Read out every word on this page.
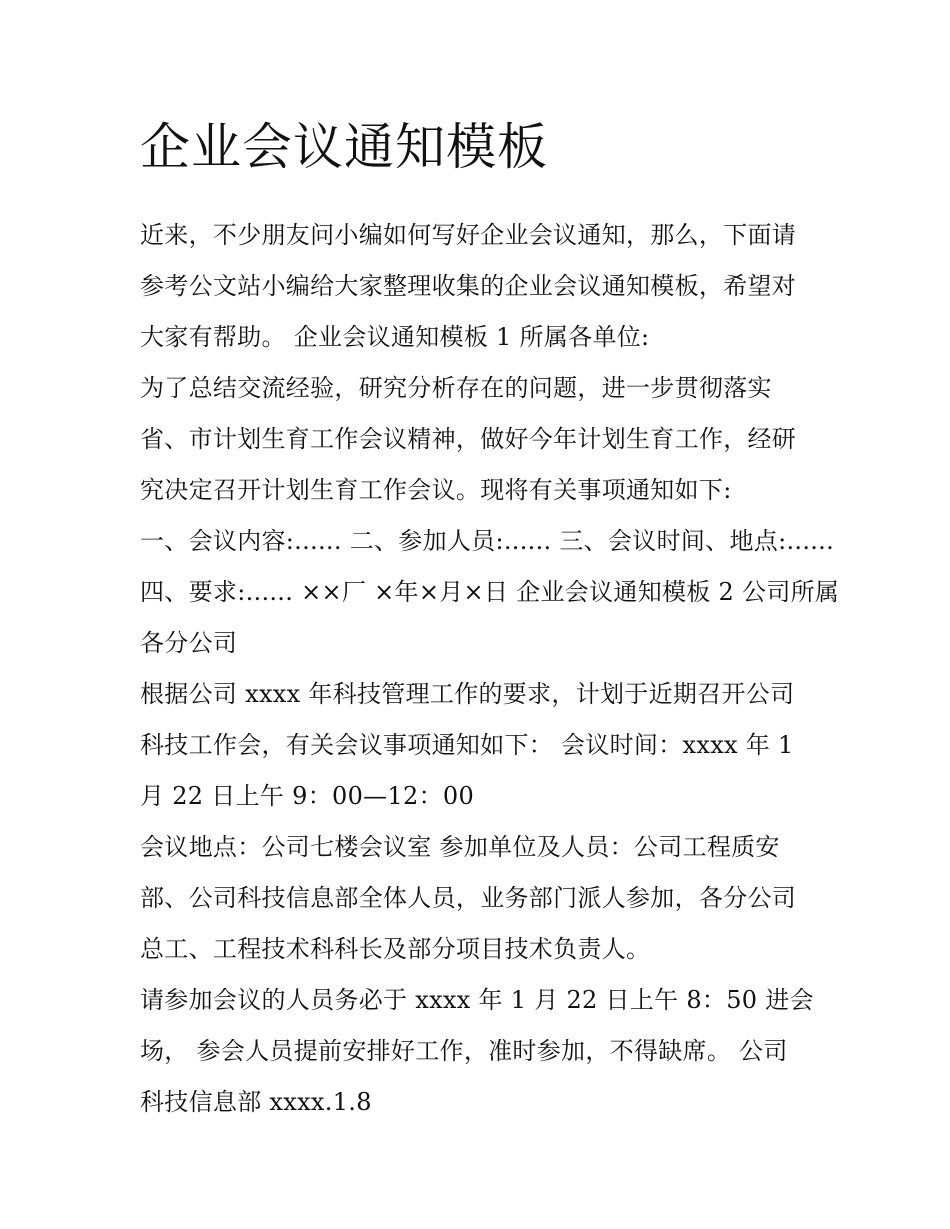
企业会议通知模板
近来，不少朋友问小编如何写好企业会议通知，那么，下面请
参考公文站小编给大家整理收集的企业会议通知模板，希望对
大家有帮助。 企业会议通知模板 1 所属各单位:
为了总结交流经验，研究分析存在的问题，进一步贯彻落实
省、市计划生育工作会议精神，做好今年计划生育工作，经研
究决定召开计划生育工作会议。现将有关事项通知如下:
一、会议内容:...... 二、参加人员:...... 三、会议时间、地点:......
四、要求:...... ××厂 ×年×月×日 企业会议通知模板 2 公司所属
各分公司
根据公司 xxxx 年科技管理工作的要求，计划于近期召开公司
科技工作会，有关会议事项通知如下： 会议时间：xxxx 年 1
月 22 日上午 9：00—12：00
会议地点：公司七楼会议室 参加单位及人员：公司工程质安
部、公司科技信息部全体人员，业务部门派人参加，各分公司
总工、工程技术科科长及部分项目技术负责人。
请参加会议的人员务必于 xxxx 年 1 月 22 日上午 8：50 进会
场， 参会人员提前安排好工作，准时参加，不得缺席。 公司
科技信息部 xxxx.1.8
